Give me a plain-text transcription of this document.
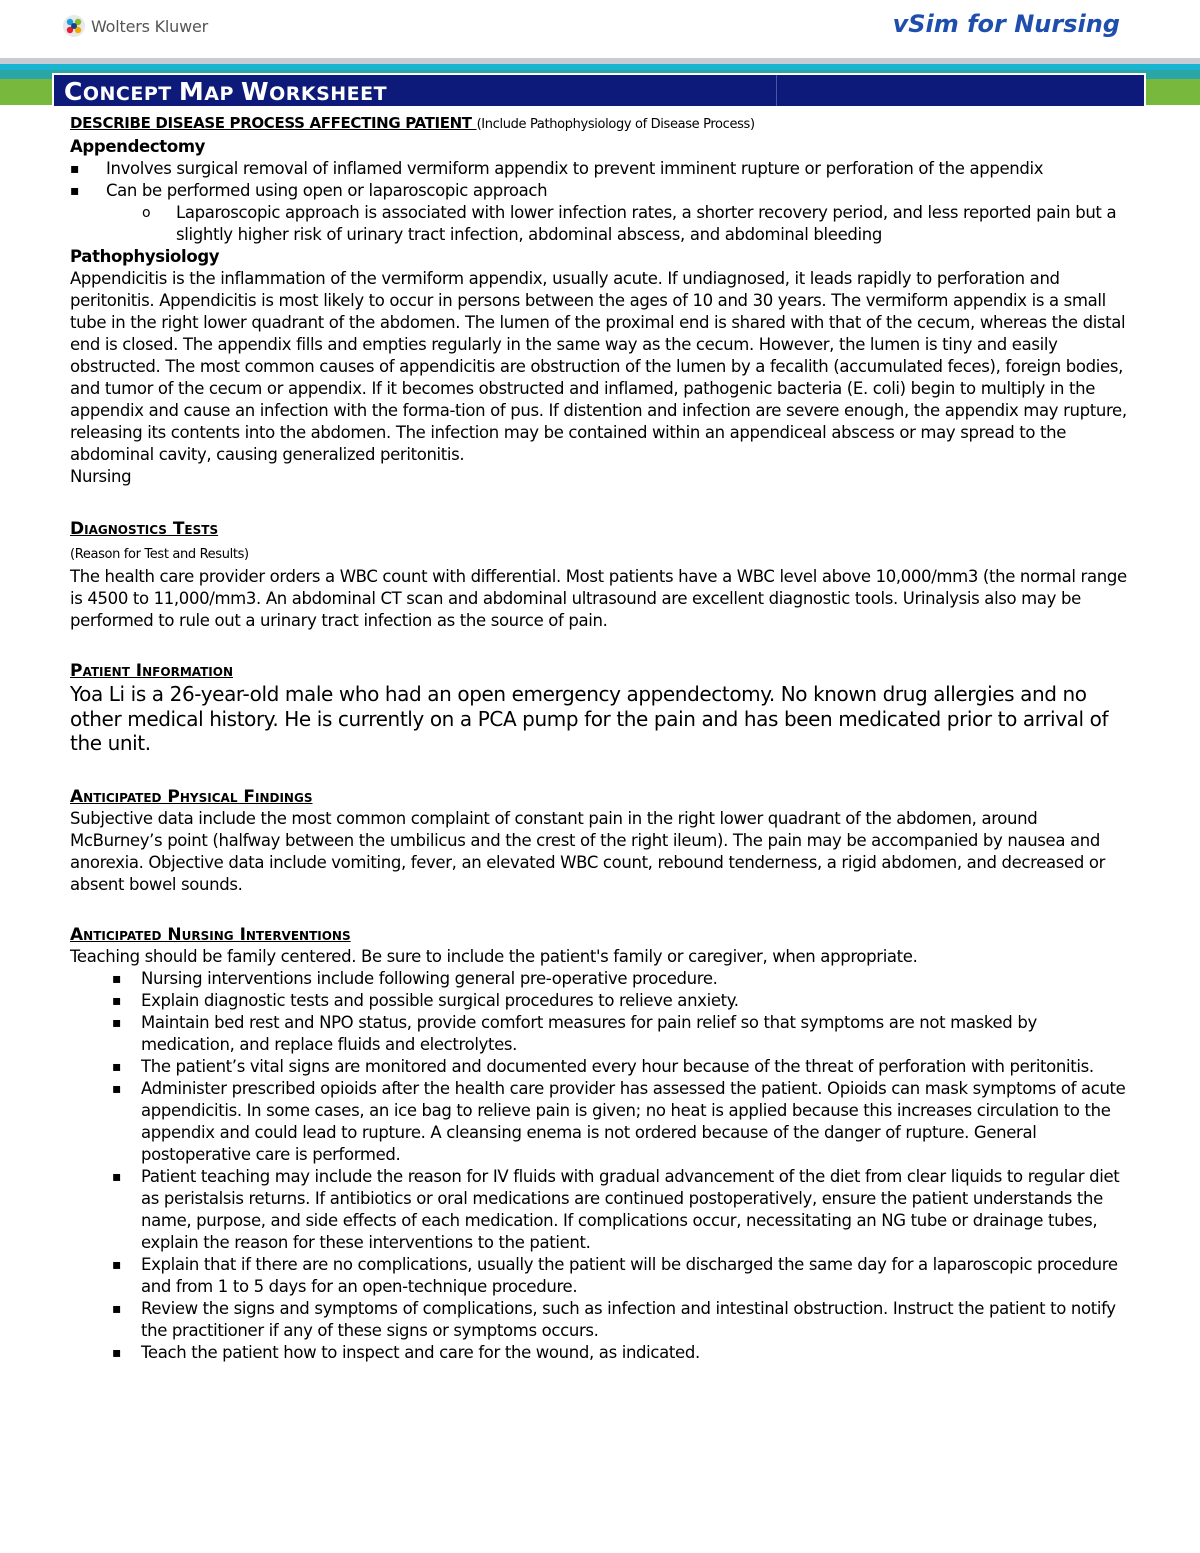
Wolters Kluwer	vSim for Nursing
CONCEPT MAP WORKSHEET
DESCRIBE DISEASE PROCESS AFFECTING PATIENT (Include Pathophysiology of Disease Process)
Appendectomy
▪ Involves surgical removal of inflamed vermiform appendix to prevent imminent rupture or perforation of the appendix
▪ Can be performed using open or laparoscopic approach
o Laparoscopic approach is associated with lower infection rates, a shorter recovery period, and less reported pain but a slightly higher risk of urinary tract infection, abdominal abscess, and abdominal bleeding
Pathophysiology
Appendicitis is the inflammation of the vermiform appendix, usually acute. If undiagnosed, it leads rapidly to perforation and peritonitis. Appendicitis is most likely to occur in persons between the ages of 10 and 30 years. The vermiform appendix is a small tube in the right lower quadrant of the abdomen. The lumen of the proximal end is shared with that of the cecum, whereas the distal end is closed. The appendix fills and empties regularly in the same way as the cecum. However, the lumen is tiny and easily obstructed. The most common causes of appendicitis are obstruction of the lumen by a fecalith (accumulated feces), foreign bodies, and tumor of the cecum or appendix. If it becomes obstructed and inflamed, pathogenic bacteria (E. coli) begin to multiply in the appendix and cause an infection with the forma-tion of pus. If distention and infection are severe enough, the appendix may rupture, releasing its contents into the abdomen. The infection may be contained within an appendiceal abscess or may spread to the abdominal cavity, causing generalized peritonitis.
Nursing
Diagnostics Tests
(Reason for Test and Results)
The health care provider orders a WBC count with differential. Most patients have a WBC level above 10,000/mm3 (the normal range is 4500 to 11,000/mm3. An abdominal CT scan and abdominal ultrasound are excellent diagnostic tools. Urinalysis also may be performed to rule out a urinary tract infection as the source of pain.
Patient Information
Yoa Li is a 26-year-old male who had an open emergency appendectomy. No known drug allergies and no other medical history. He is currently on a PCA pump for the pain and has been medicated prior to arrival of the unit.
Anticipated Physical Findings
Subjective data include the most common complaint of constant pain in the right lower quadrant of the abdomen, around McBurney’s point (halfway between the umbilicus and the crest of the right ileum). The pain may be accompanied by nausea and anorexia. Objective data include vomiting, fever, an elevated WBC count, rebound tenderness, a rigid abdomen, and decreased or absent bowel sounds.
Anticipated Nursing Interventions
Teaching should be family centered. Be sure to include the patient's family or caregiver, when appropriate.
▪ Nursing interventions include following general pre-operative procedure.
▪ Explain diagnostic tests and possible surgical procedures to relieve anxiety.
▪ Maintain bed rest and NPO status, provide comfort measures for pain relief so that symptoms are not masked by medication, and replace fluids and electrolytes.
▪ The patient’s vital signs are monitored and documented every hour because of the threat of perforation with peritonitis.
▪ Administer prescribed opioids after the health care provider has assessed the patient. Opioids can mask symptoms of acute appendicitis. In some cases, an ice bag to relieve pain is given; no heat is applied because this increases circulation to the appendix and could lead to rupture. A cleansing enema is not ordered because of the danger of rupture. General postoperative care is performed.
▪ Patient teaching may include the reason for IV fluids with gradual advancement of the diet from clear liquids to regular diet as peristalsis returns. If antibiotics or oral medications are continued postoperatively, ensure the patient understands the name, purpose, and side effects of each medication. If complications occur, necessitating an NG tube or drainage tubes, explain the reason for these interventions to the patient.
▪ Explain that if there are no complications, usually the patient will be discharged the same day for a laparoscopic procedure and from 1 to 5 days for an open-technique procedure.
▪ Review the signs and symptoms of complications, such as infection and intestinal obstruction. Instruct the patient to notify the practitioner if any of these signs or symptoms occurs.
▪ Teach the patient how to inspect and care for the wound, as indicated.
